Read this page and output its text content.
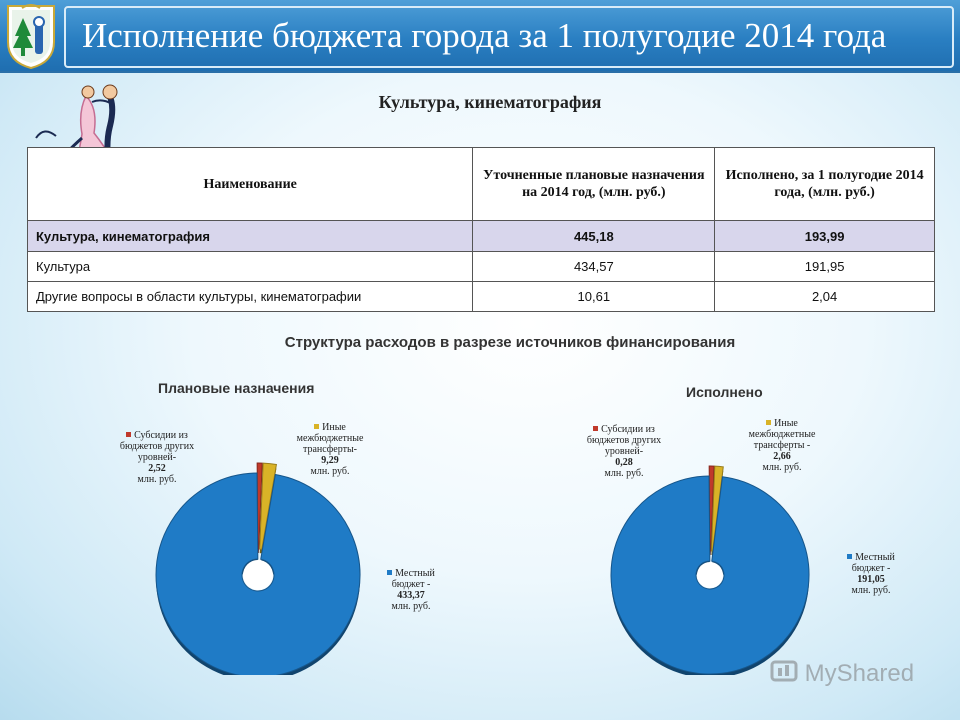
Исполнение бюджета города за 1 полугодие 2014 года
Культура, кинематография
Наименование	Уточненные плановые назначения на 2014 год, (млн. руб.)	Исполнено, за 1 полугодие 2014 года, (млн. руб.)
Культура, кинематография	445,18	193,99
Культура	434,57	191,95
Другие вопросы в области культуры, кинематографии	10,61	2,04
Структура расходов в разрезе источников финансирования
Плановые назначения	Исполнено
Субсидии из бюджетов других уровней-
2,52
млн. руб.
Иные межбюджетные трансферты-
9,29
млн. руб.
Местный бюджет -
433,37
млн. руб.
Субсидии из бюджетов других уровней-
0,28
млн. руб.
Иные межбюджетные трансферты -
2,66
млн. руб.
Местный бюджет -
191,05
млн. руб.
MyShared
